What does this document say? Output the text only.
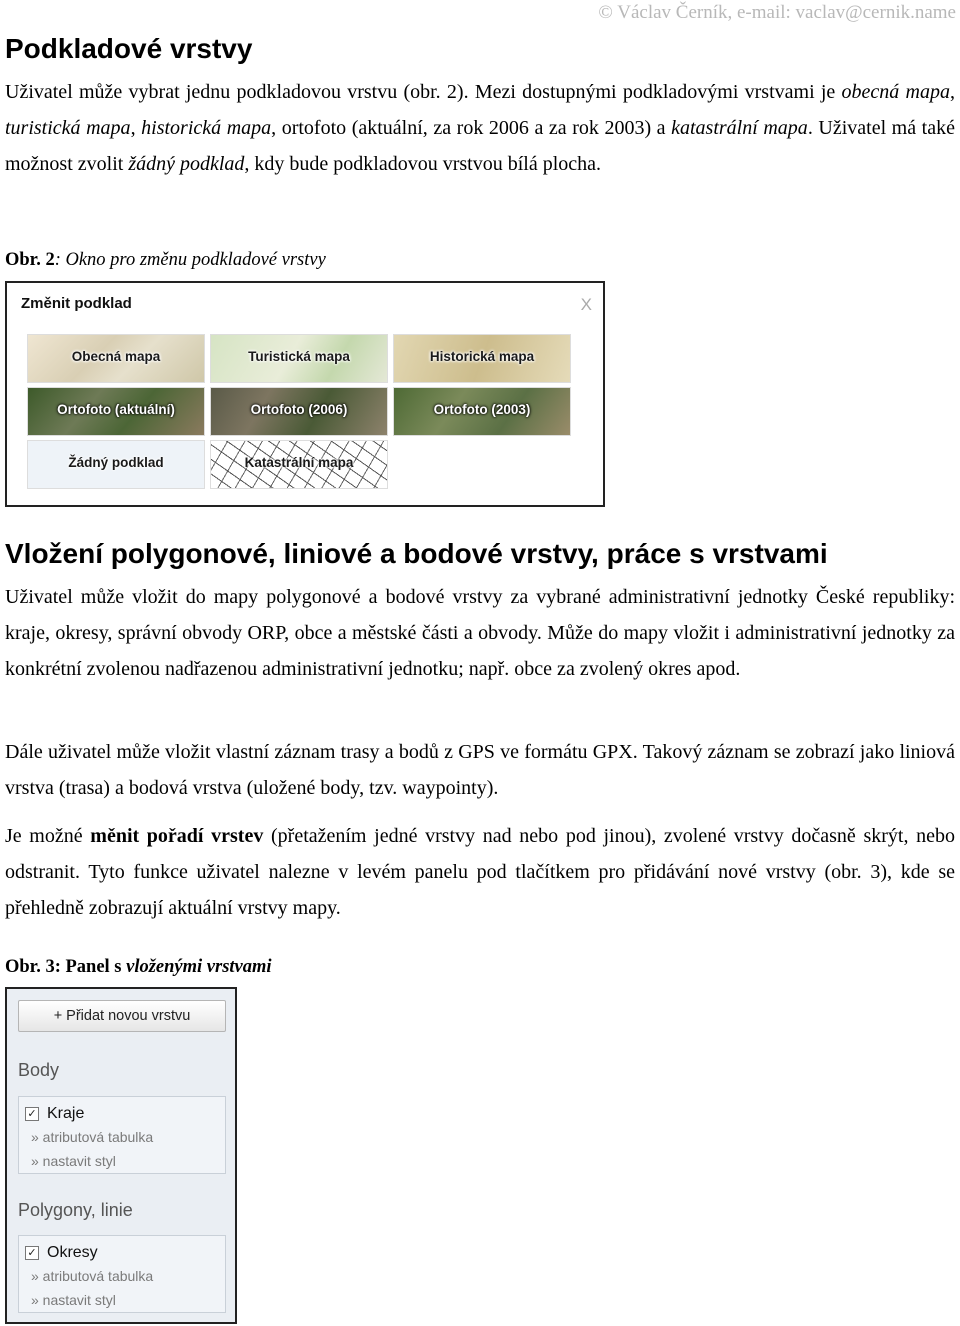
© Václav Černík, e-mail: vaclav@cernik.name
Podkladové vrstvy

Uživatel může vybrat jednu podkladovou vrstvu (obr. 2). Mezi dostupnými podkladovými vrstvami je obecná mapa, turistická mapa, historická mapa, ortofoto (aktuální, za rok 2006 a za rok 2003) a katastrální mapa. Uživatel má také možnost zvolit žádný podklad, kdy bude podkladovou vrstvou bílá plocha.

Obr. 2: Okno pro změnu podkladové vrstvy

Změnit podklad	X
Obecná mapa	Turistická mapa	Historická mapa
Ortofoto (aktuální)	Ortofoto (2006)	Ortofoto (2003)
Žádný podklad	Katastrální mapa
Vložení polygonové, liniové a bodové vrstvy, práce s vrstvami

Uživatel může vložit do mapy polygonové a bodové vrstvy za vybrané administrativní jednotky České republiky: kraje, okresy, správní obvody ORP, obce a městské části a obvody. Může do mapy vložit i administrativní jednotky za konkrétní zvolenou nadřazenou administrativní jednotku; např. obce za zvolený okres apod.

Dále uživatel může vložit vlastní záznam trasy a bodů z GPS ve formátu GPX. Takový záznam se zobrazí jako liniová vrstva (trasa) a bodová vrstva (uložené body, tzv. waypointy).

Je možné měnit pořadí vrstev (přetažením jedné vrstvy nad nebo pod jinou), zvolené vrstvy dočasně skrýt, nebo odstranit. Tyto funkce uživatel nalezne v levém panelu pod tlačítkem pro přidávání nové vrstvy (obr. 3), kde se přehledně zobrazují aktuální vrstvy mapy.

Obr. 3: Panel s vloženými vrstvami

+ Přidat novou vrstvu
Body
✓ Kraje
» atributová tabulka
» nastavit styl
Polygony, linie
✓ Okresy
» atributová tabulka
» nastavit styl
